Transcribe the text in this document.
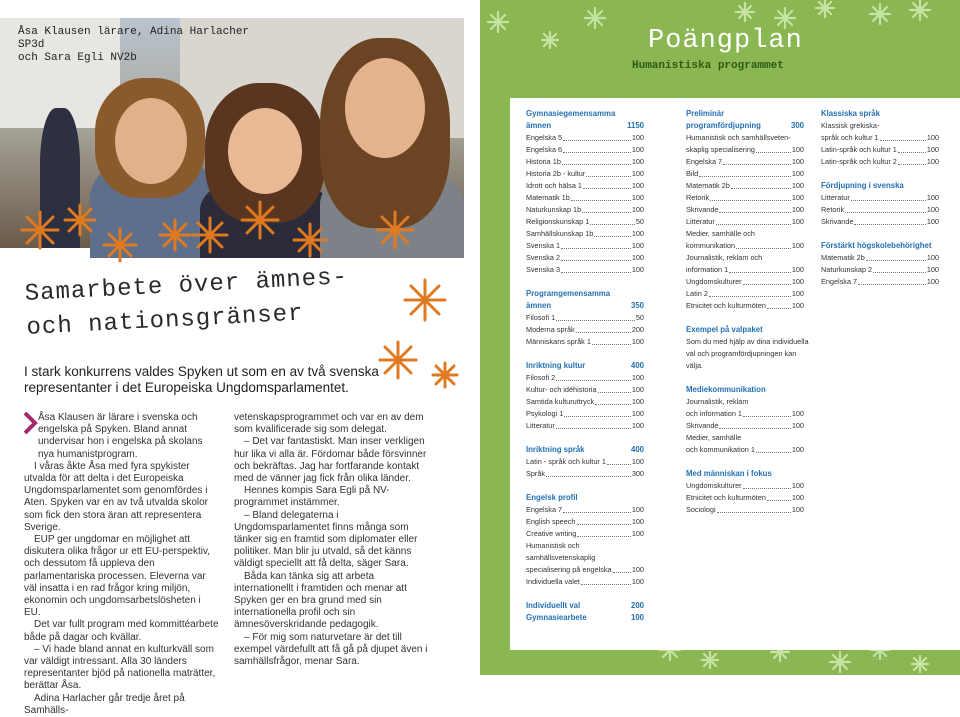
Åsa Klausen lärare, Adina Harlacher SP3d
och Sara Egli NV2b
Samarbete över ämnes-
och nationsgränser
I stark konkurrens valdes Spyken ut som en av två svenska representanter i det Europeiska Ungdomsparlamentet.

Åsa Klausen är lärare i svenska och engelska på Spyken. Bland annat undervisar hon i engelska på skolans nya humanistprogram.

I våras åkte Åsa med fyra spykister utvalda för att delta i det Europeiska Ungdomsparlamentet som genomfördes i Aten. Spyken var en av två utvalda skolor som fick den stora äran att representera Sverige.

EUP ger ungdomar en möjlighet att diskutera olika frågor ur ett EU-perspektiv, och dessutom få uppleva den parlamentariska processen. Eleverna var väl insatta i en rad frågor kring miljön, ekonomin och ungdomsarbetslösheten i EU.

Det var fullt program med kommittéarbete både på dagar och kvällar.

– Vi hade bland annat en kulturkväll som var väldigt intressant. Alla 30 länders representanter bjöd på nationella maträtter, berättar Åsa.

Adina Harlacher går tredje året på Samhälls-

vetenskapsprogrammet och var en av dem som kvalificerade sig som delegat.

– Det var fantastiskt. Man inser verkligen hur lika vi alla är. Fördomar både försvinner och bekräftas. Jag har fortfarande kontakt med de vänner jag fick från olika länder.

Hennes kompis Sara Egli på NV-programmet instämmer.

– Bland delegaterna i Ungdomsparlamentet finns många som tänker sig en framtid som diplomater eller politiker. Man blir ju utvald, så det känns väldigt speciellt att få delta, säger Sara.

Båda kan tänka sig att arbeta internationellt i framtiden och menar att Spyken ger en bra grund med sin internationella profil och sin ämnesöverskridande pedagogik.

– För mig som naturvetare är det till exempel värdefullt att få gå på djupet även i samhällsfrågor, menar Sara.

Poängplan
Humanistiska programmet
Gymnasiegemensamma
ämnen	1150
Engelska 5	100
Engelska 6	100
Historia 1b	100
Historia 2b - kultur	100
Idrott och hälsa 1	100
Matematik 1b	100
Naturkunskap 1b	100
Religionskunskap 1	50
Samhällskunskap 1b	100
Svenska 1	100
Svenska 2	100
Svenska 3	100
Programgemensamma
ämnen	350
Filosofi 1	50
Moderna språk	200
Människans språk 1	100
Inriktning kultur	400
Filosofi 2	100
Kultur- och idéhistoria	100
Samtida kulturuttryck	100
Psykologi 1	100
Litteratur	100
Inriktning språk	400
Latin - språk och kultur 1	100
Språk	300
Engelsk profil
Engelska 7	100
English speech	100
Creative writing	100
Humanistisk och
samhällsvetenskaplig
specialisering på engelska	100
Individuella valet	100
Individuellt val	200
Gymnasiearbete	100
Preliminär
programfördjupning	300
Humanistisk och samhällsveten-
skaplig specialisering	100
Engelska 7	100
Bild	100
Matematik 2b	100
Retorik	100
Skrivande	100
Litteratur	100
Medier, samhälle och
kommunikation	100
Journalistik, reklam och
information 1	100
Ungdomskulturer	100
Latin 2	100
Etnicitet och kulturmöten	100
Exempel på valpaket
Som du med hjälp av dina individuella
val och programfördjupningen kan
välja.
Mediekommunikation
Journalistik, reklam
och information 1	100
Skrivande	100
Medier, samhälle
och kommunikation 1	100
Med människan i fokus
Ungdomskulturer	100
Etnicitet och kulturmöten	100
Sociologi	100
Klassiska språk
Klassisk grekiska-
språk och kultur 1	100
Latin-språk och kultur 1	100
Latin-språk och kultur 2	100
Fördjupning i svenska
Litteratur	100
Retorik	100
Skrivande	100
Förstärkt högskolebehörighet
Matematik 2b	100
Naturkunskap 2	100
Engelska 7	100
